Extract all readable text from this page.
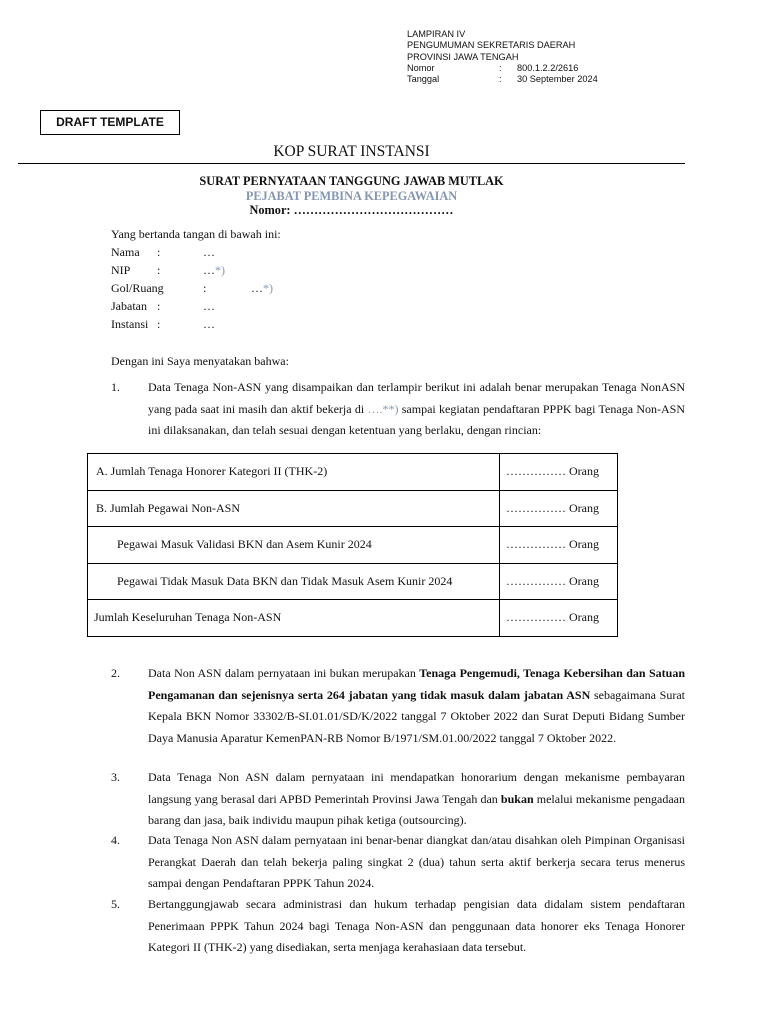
LAMPIRAN IV
PENGUMUMAN SEKRETARIS DAERAH
PROVINSI JAWA TENGAH
Nomor	:	800.1.2.2/2616
Tanggal	:	30 September 2024
DRAFT TEMPLATE
KOP SURAT INSTANSI
SURAT PERNYATAAN TANGGUNG JAWAB MUTLAK
PEJABAT PEMBINA KEPEGAWAIAN
Nomor: …………………………………
Yang bertanda tangan di bawah ini:
Nama :	…
NIP :	…*)
Gol/Ruang	:	…*)
Jabatan :	…
Instansi :	…
Dengan ini Saya menyatakan bahwa:
1. Data Tenaga Non-ASN yang disampaikan dan terlampir berikut ini adalah benar merupakan Tenaga NonASN yang pada saat ini masih dan aktif bekerja di ….**) sampai kegiatan pendaftaran PPPK bagi Tenaga Non-ASN ini dilaksanakan, dan telah sesuai dengan ketentuan yang berlaku, dengan rincian:
A. Jumlah Tenaga Honorer Kategori II (THK-2)	…………… Orang
B. Jumlah Pegawai Non-ASN	…………… Orang
Pegawai Masuk Validasi BKN dan Asem Kunir 2024	…………… Orang
Pegawai Tidak Masuk Data BKN dan Tidak Masuk Asem Kunir 2024	…………… Orang
Jumlah Keseluruhan Tenaga Non-ASN	…………… Orang
2. Data Non ASN dalam pernyataan ini bukan merupakan Tenaga Pengemudi, Tenaga Kebersihan dan Satuan Pengamanan dan sejenisnya serta 264 jabatan yang tidak masuk dalam jabatan ASN sebagaimana Surat Kepala BKN Nomor 33302/B-SI.01.01/SD/K/2022 tanggal 7 Oktober 2022 dan Surat Deputi Bidang Sumber Daya Manusia Aparatur KemenPAN-RB Nomor B/1971/SM.01.00/2022 tanggal 7 Oktober 2022.
3. Data Tenaga Non ASN dalam pernyataan ini mendapatkan honorarium dengan mekanisme pembayaran langsung yang berasal dari APBD Pemerintah Provinsi Jawa Tengah dan bukan melalui mekanisme pengadaan barang dan jasa, baik individu maupun pihak ketiga (outsourcing).
4. Data Tenaga Non ASN dalam pernyataan ini benar-benar diangkat dan/atau disahkan oleh Pimpinan Organisasi Perangkat Daerah dan telah bekerja paling singkat 2 (dua) tahun serta aktif berkerja secara terus menerus sampai dengan Pendaftaran PPPK Tahun 2024.
5. Bertanggungjawab secara administrasi dan hukum terhadap pengisian data didalam sistem pendaftaran Penerimaan PPPK Tahun 2024 bagi Tenaga Non-ASN dan penggunaan data honorer eks Tenaga Honorer Kategori II (THK-2) yang disediakan, serta menjaga kerahasiaan data tersebut.
